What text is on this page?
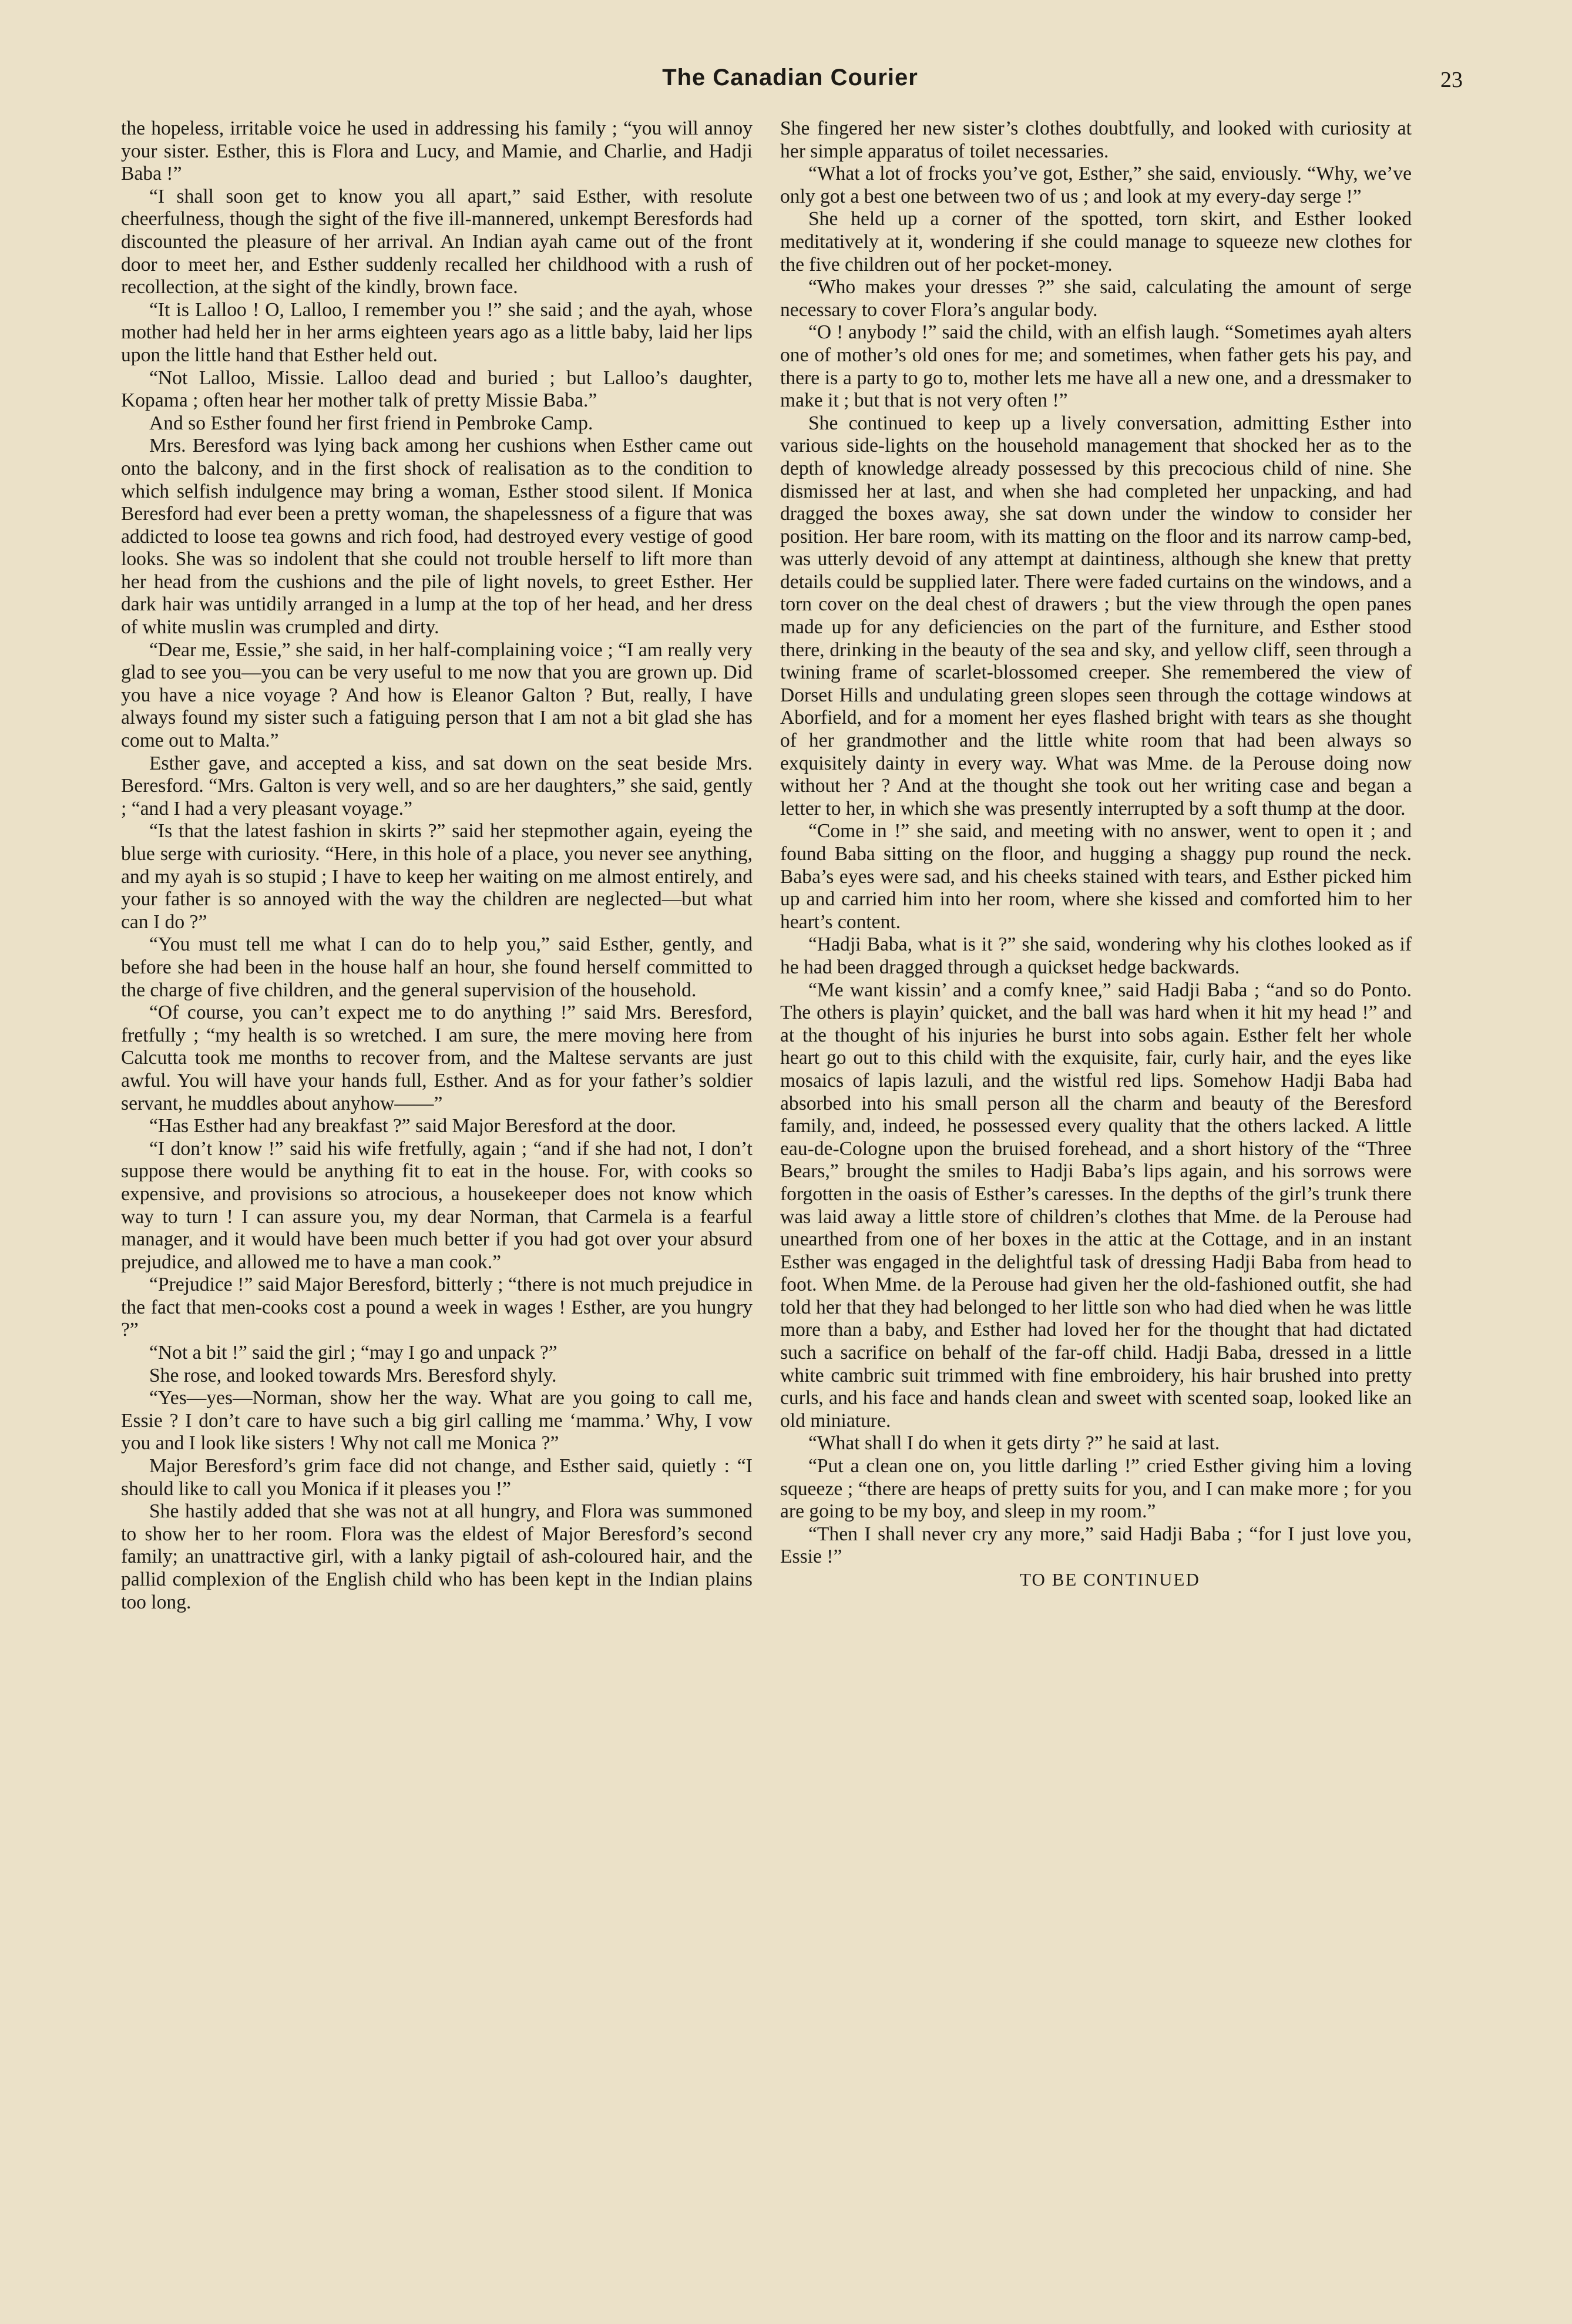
The Canadian Courier	23

the hopeless, irritable voice he used in addressing his family ; “you will annoy your sister. Esther, this is Flora and Lucy, and Mamie, and Charlie, and Hadji Baba !”

“I shall soon get to know you all apart,” said Esther, with resolute cheerfulness, though the sight of the five ill-mannered, unkempt Beresfords had discounted the pleasure of her arrival. An Indian ayah came out of the front door to meet her, and Esther suddenly recalled her childhood with a rush of recollection, at the sight of the kindly, brown face.

“It is Lalloo ! O, Lalloo, I remember you !” she said ; and the ayah, whose mother had held her in her arms eighteen years ago as a little baby, laid her lips upon the little hand that Esther held out.

“Not Lalloo, Missie. Lalloo dead and buried ; but Lalloo’s daughter, Kopama ; often hear her mother talk of pretty Missie Baba.”

And so Esther found her first friend in Pembroke Camp.

Mrs. Beresford was lying back among her cushions when Esther came out onto the balcony, and in the first shock of realisation as to the condition to which selfish indulgence may bring a woman, Esther stood silent. If Monica Beresford had ever been a pretty woman, the shapelessness of a figure that was addicted to loose tea gowns and rich food, had destroyed every vestige of good looks. She was so indolent that she could not trouble herself to lift more than her head from the cushions and the pile of light novels, to greet Esther. Her dark hair was untidily arranged in a lump at the top of her head, and her dress of white muslin was crumpled and dirty.

“Dear me, Essie,” she said, in her half-complaining voice ; “I am really very glad to see you—you can be very useful to me now that you are grown up. Did you have a nice voyage ? And how is Eleanor Galton ? But, really, I have always found my sister such a fatiguing person that I am not a bit glad she has come out to Malta.”

Esther gave, and accepted a kiss, and sat down on the seat beside Mrs. Beresford. “Mrs. Galton is very well, and so are her daughters,” she said, gently ; “and I had a very pleasant voyage.”

“Is that the latest fashion in skirts ?” said her stepmother again, eyeing the blue serge with curiosity. “Here, in this hole of a place, you never see anything, and my ayah is so stupid ; I have to keep her waiting on me almost entirely, and your father is so annoyed with the way the children are neglected—but what can I do ?”

“You must tell me what I can do to help you,” said Esther, gently, and before she had been in the house half an hour, she found herself committed to the charge of five children, and the general supervision of the household.

“Of course, you can’t expect me to do anything !” said Mrs. Beresford, fretfully ; “my health is so wretched. I am sure, the mere moving here from Calcutta took me months to recover from, and the Maltese servants are just awful. You will have your hands full, Esther. And as for your father’s soldier servant, he muddles about anyhow——”

“Has Esther had any breakfast ?” said Major Beresford at the door.

“I don’t know !” said his wife fretfully, again ; “and if she had not, I don’t suppose there would be anything fit to eat in the house. For, with cooks so expensive, and provisions so atrocious, a housekeeper does not know which way to turn ! I can assure you, my dear Norman, that Carmela is a fearful manager, and it would have been much better if you had got over your absurd prejudice, and allowed me to have a man cook.”

“Prejudice !” said Major Beresford, bitterly ; “there is not much prejudice in the fact that men-cooks cost a pound a week in wages ! Esther, are you hungry ?”

“Not a bit !” said the girl ; “may I go and unpack ?”

She rose, and looked towards Mrs. Beresford shyly.

“Yes—yes—Norman, show her the way. What are you going to call me, Essie ? I don’t care to have such a big girl calling me ‘mamma.’ Why, I vow you and I look like sisters ! Why not call me Monica ?”

Major Beresford’s grim face did not change, and Esther said, quietly : “I should like to call you Monica if it pleases you !”

She hastily added that she was not at all hungry, and Flora was summoned to show her to her room. Flora was the eldest of Major Beresford’s second family; an unattractive girl, with a lanky pigtail of ash-coloured hair, and the pallid complexion of the English child who has been kept in the Indian plains too long.

She fingered her new sister’s clothes doubtfully, and looked with curiosity at her simple apparatus of toilet necessaries.

“What a lot of frocks you’ve got, Esther,” she said, enviously. “Why, we’ve only got a best one between two of us ; and look at my every-day serge !”

She held up a corner of the spotted, torn skirt, and Esther looked meditatively at it, wondering if she could manage to squeeze new clothes for the five children out of her pocket-money.

“Who makes your dresses ?” she said, calculating the amount of serge necessary to cover Flora’s angular body.

“O ! anybody !” said the child, with an elfish laugh. “Sometimes ayah alters one of mother’s old ones for me; and sometimes, when father gets his pay, and there is a party to go to, mother lets me have all a new one, and a dressmaker to make it ; but that is not very often !”

She continued to keep up a lively conversation, admitting Esther into various side-lights on the household management that shocked her as to the depth of knowledge already possessed by this precocious child of nine. She dismissed her at last, and when she had completed her unpacking, and had dragged the boxes away, she sat down under the window to consider her position. Her bare room, with its matting on the floor and its narrow camp-bed, was utterly devoid of any attempt at daintiness, although she knew that pretty details could be supplied later. There were faded curtains on the windows, and a torn cover on the deal chest of drawers ; but the view through the open panes made up for any deficiencies on the part of the furniture, and Esther stood there, drinking in the beauty of the sea and sky, and yellow cliff, seen through a twining frame of scarlet-blossomed creeper. She remembered the view of Dorset Hills and undulating green slopes seen through the cottage windows at Aborfield, and for a moment her eyes flashed bright with tears as she thought of her grandmother and the little white room that had been always so exquisitely dainty in every way. What was Mme. de la Perouse doing now without her ? And at the thought she took out her writing case and began a letter to her, in which she was presently interrupted by a soft thump at the door.

“Come in !” she said, and meeting with no answer, went to open it ; and found Baba sitting on the floor, and hugging a shaggy pup round the neck. Baba’s eyes were sad, and his cheeks stained with tears, and Esther picked him up and carried him into her room, where she kissed and comforted him to her heart’s content.

“Hadji Baba, what is it ?” she said, wondering why his clothes looked as if he had been dragged through a quickset hedge backwards.

“Me want kissin’ and a comfy knee,” said Hadji Baba ; “and so do Ponto. The others is playin’ quicket, and the ball was hard when it hit my head !” and at the thought of his injuries he burst into sobs again. Esther felt her whole heart go out to this child with the exquisite, fair, curly hair, and the eyes like mosaics of lapis lazuli, and the wistful red lips. Somehow Hadji Baba had absorbed into his small person all the charm and beauty of the Beresford family, and, indeed, he possessed every quality that the others lacked. A little eau-de-Cologne upon the bruised forehead, and a short history of the “Three Bears,” brought the smiles to Hadji Baba’s lips again, and his sorrows were forgotten in the oasis of Esther’s caresses. In the depths of the girl’s trunk there was laid away a little store of children’s clothes that Mme. de la Perouse had unearthed from one of her boxes in the attic at the Cottage, and in an instant Esther was engaged in the delightful task of dressing Hadji Baba from head to foot. When Mme. de la Perouse had given her the old-fashioned outfit, she had told her that they had belonged to her little son who had died when he was little more than a baby, and Esther had loved her for the thought that had dictated such a sacrifice on behalf of the far-off child. Hadji Baba, dressed in a little white cambric suit trimmed with fine embroidery, his hair brushed into pretty curls, and his face and hands clean and sweet with scented soap, looked like an old miniature.

“What shall I do when it gets dirty ?” he said at last.

“Put a clean one on, you little darling !” cried Esther giving him a loving squeeze ; “there are heaps of pretty suits for you, and I can make more ; for you are going to be my boy, and sleep in my room.”

“Then I shall never cry any more,” said Hadji Baba ; “for I just love you, Essie !”

TO BE CONTINUED
